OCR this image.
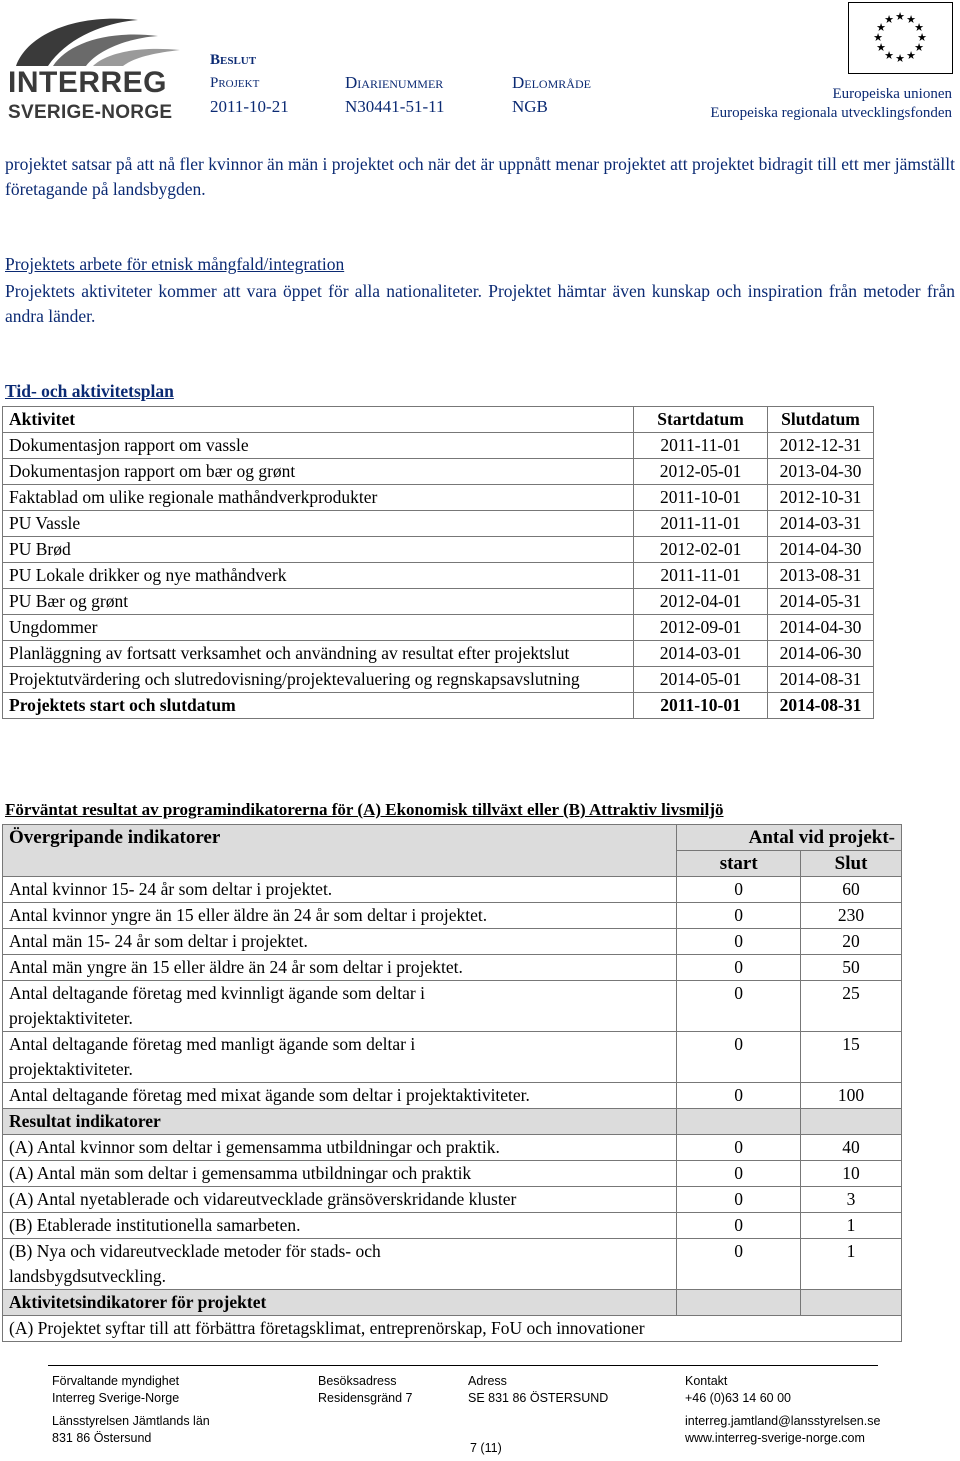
INTERREG
SVERIGE-NORGE
Beslut
Projekt
2011-10-21
Diarienummer
N30441-51-11
Delområde
NGB
★ ★
★
★
★
★
★
★
★
★
★
★
Europeiska unionen
Europeiska regionala utvecklingsfonden
projektet satsar på att nå fler kvinnor än män i projektet och när det är uppnått menar projektet att projektet bidragit till ett mer jämställt företagande på landsbygden.
Projektets arbete för etnisk mångfald/integration
Projektets aktiviteter kommer att vara öppet för alla nationaliteter. Projektet hämtar även kunskap och inspiration från metoder från andra länder.
Tid- och aktivitetsplan
Aktivitet	Startdatum	Slutdatum
Dokumentasjon rapport om vassle	2011-11-01	2012-12-31
Dokumentasjon rapport om bær og grønt	2012-05-01	2013-04-30
Faktablad om ulike regionale mathåndverkprodukter	2011-10-01	2012-10-31
PU Vassle	2011-11-01	2014-03-31
PU Brød	2012-02-01	2014-04-30
PU Lokale drikker og nye mathåndverk	2011-11-01	2013-08-31
PU Bær og grønt	2012-04-01	2014-05-31
Ungdommer	2012-09-01	2014-04-30
Planläggning av fortsatt verksamhet och användning av resultat efter projektslut	2014-03-01	2014-06-30
Projektutvärdering och slutredovisning/projektevaluering og regnskapsavslutning	2014-05-01	2014-08-31
Projektets start och slutdatum	2011-10-01	2014-08-31
Förväntat resultat av programindikatorerna för (A) Ekonomisk tillväxt eller (B) Attraktiv livsmiljö
Övergripande indikatorer	Antal vid projekt-	
	start	Slut
Antal kvinnor 15- 24 år som deltar i projektet.	0	60
Antal kvinnor yngre än 15 eller äldre än 24 år som deltar i projektet.	0	230
Antal män 15- 24 år som deltar i projektet.	0	20
Antal män yngre än 15 eller äldre än 24 år som deltar i projektet.	0	50
Antal deltagande företag med kvinnligt ägande som deltar i projektaktiviteter.	0	25
Antal deltagande företag med manligt ägande som deltar i projektaktiviteter.	0	15
Antal deltagande företag med mixat ägande som deltar i projektaktiviteter.	0	100
Resultat indikatorer		
(A) Antal kvinnor som deltar i gemensamma utbildningar och praktik.	0	40
(A) Antal män som deltar i gemensamma utbildningar och praktik	0	10
(A) Antal nyetablerade och vidareutvecklade gränsöverskridande kluster	0	3
(B) Etablerade institutionella samarbeten.	0	1
(B) Nya och vidareutvecklade metoder för stads- och landsbygdsutveckling.	0	1
Aktivitetsindikatorer för projektet		
(A) Projektet syftar till att förbättra företagsklimat, entreprenörskap, FoU och innovationer		
Förvaltande myndighet
Interreg Sverige-Norge
Länsstyrelsen Jämtlands län
831 86 Östersund
Besöksadress
Residensgränd 7
Adress
SE 831 86 ÖSTERSUND
Kontakt
+46 (0)63 14 60 00
interreg.jamtland@lansstyrelsen.se
www.interreg-sverige-norge.com
7 (11)
